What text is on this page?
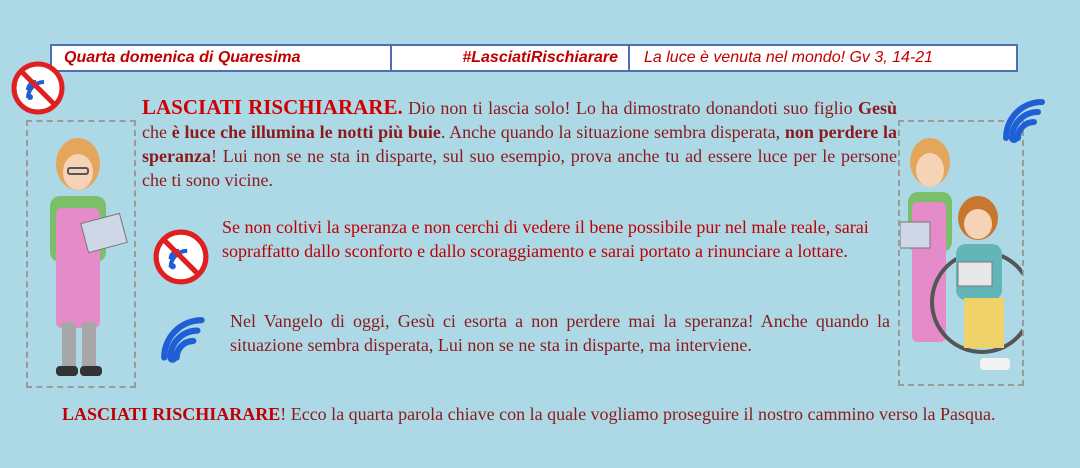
Quarta domenica di Quaresima	#LasciatiRischiarare	La luce è venuta nel mondo! Gv 3, 14-21
LASCIATI RISCHIARARE. Dio non ti lascia solo! Lo ha dimostrato donandoti suo figlio Gesù che è luce che illumina le notti più buie. Anche quando la situazione sembra disperata, non perdere la speranza! Lui non se ne sta in disparte, sul suo esempio, prova anche tu ad essere luce per le persone che ti sono vicine.
Se non coltivi la speranza e non cerchi di vedere il bene possibile pur nel male reale, sarai sopraffatto dallo sconforto e dallo scoraggiamento e sarai portato a rinunciare a lottare.
Nel Vangelo di oggi, Gesù ci esorta a non perdere mai la speranza! Anche quando la situazione sembra disperata, Lui non se ne sta in disparte, ma interviene.
LASCIATI RISCHIARARE! Ecco la quarta parola chiave con la quale vogliamo proseguire il nostro cammino verso la Pasqua.
